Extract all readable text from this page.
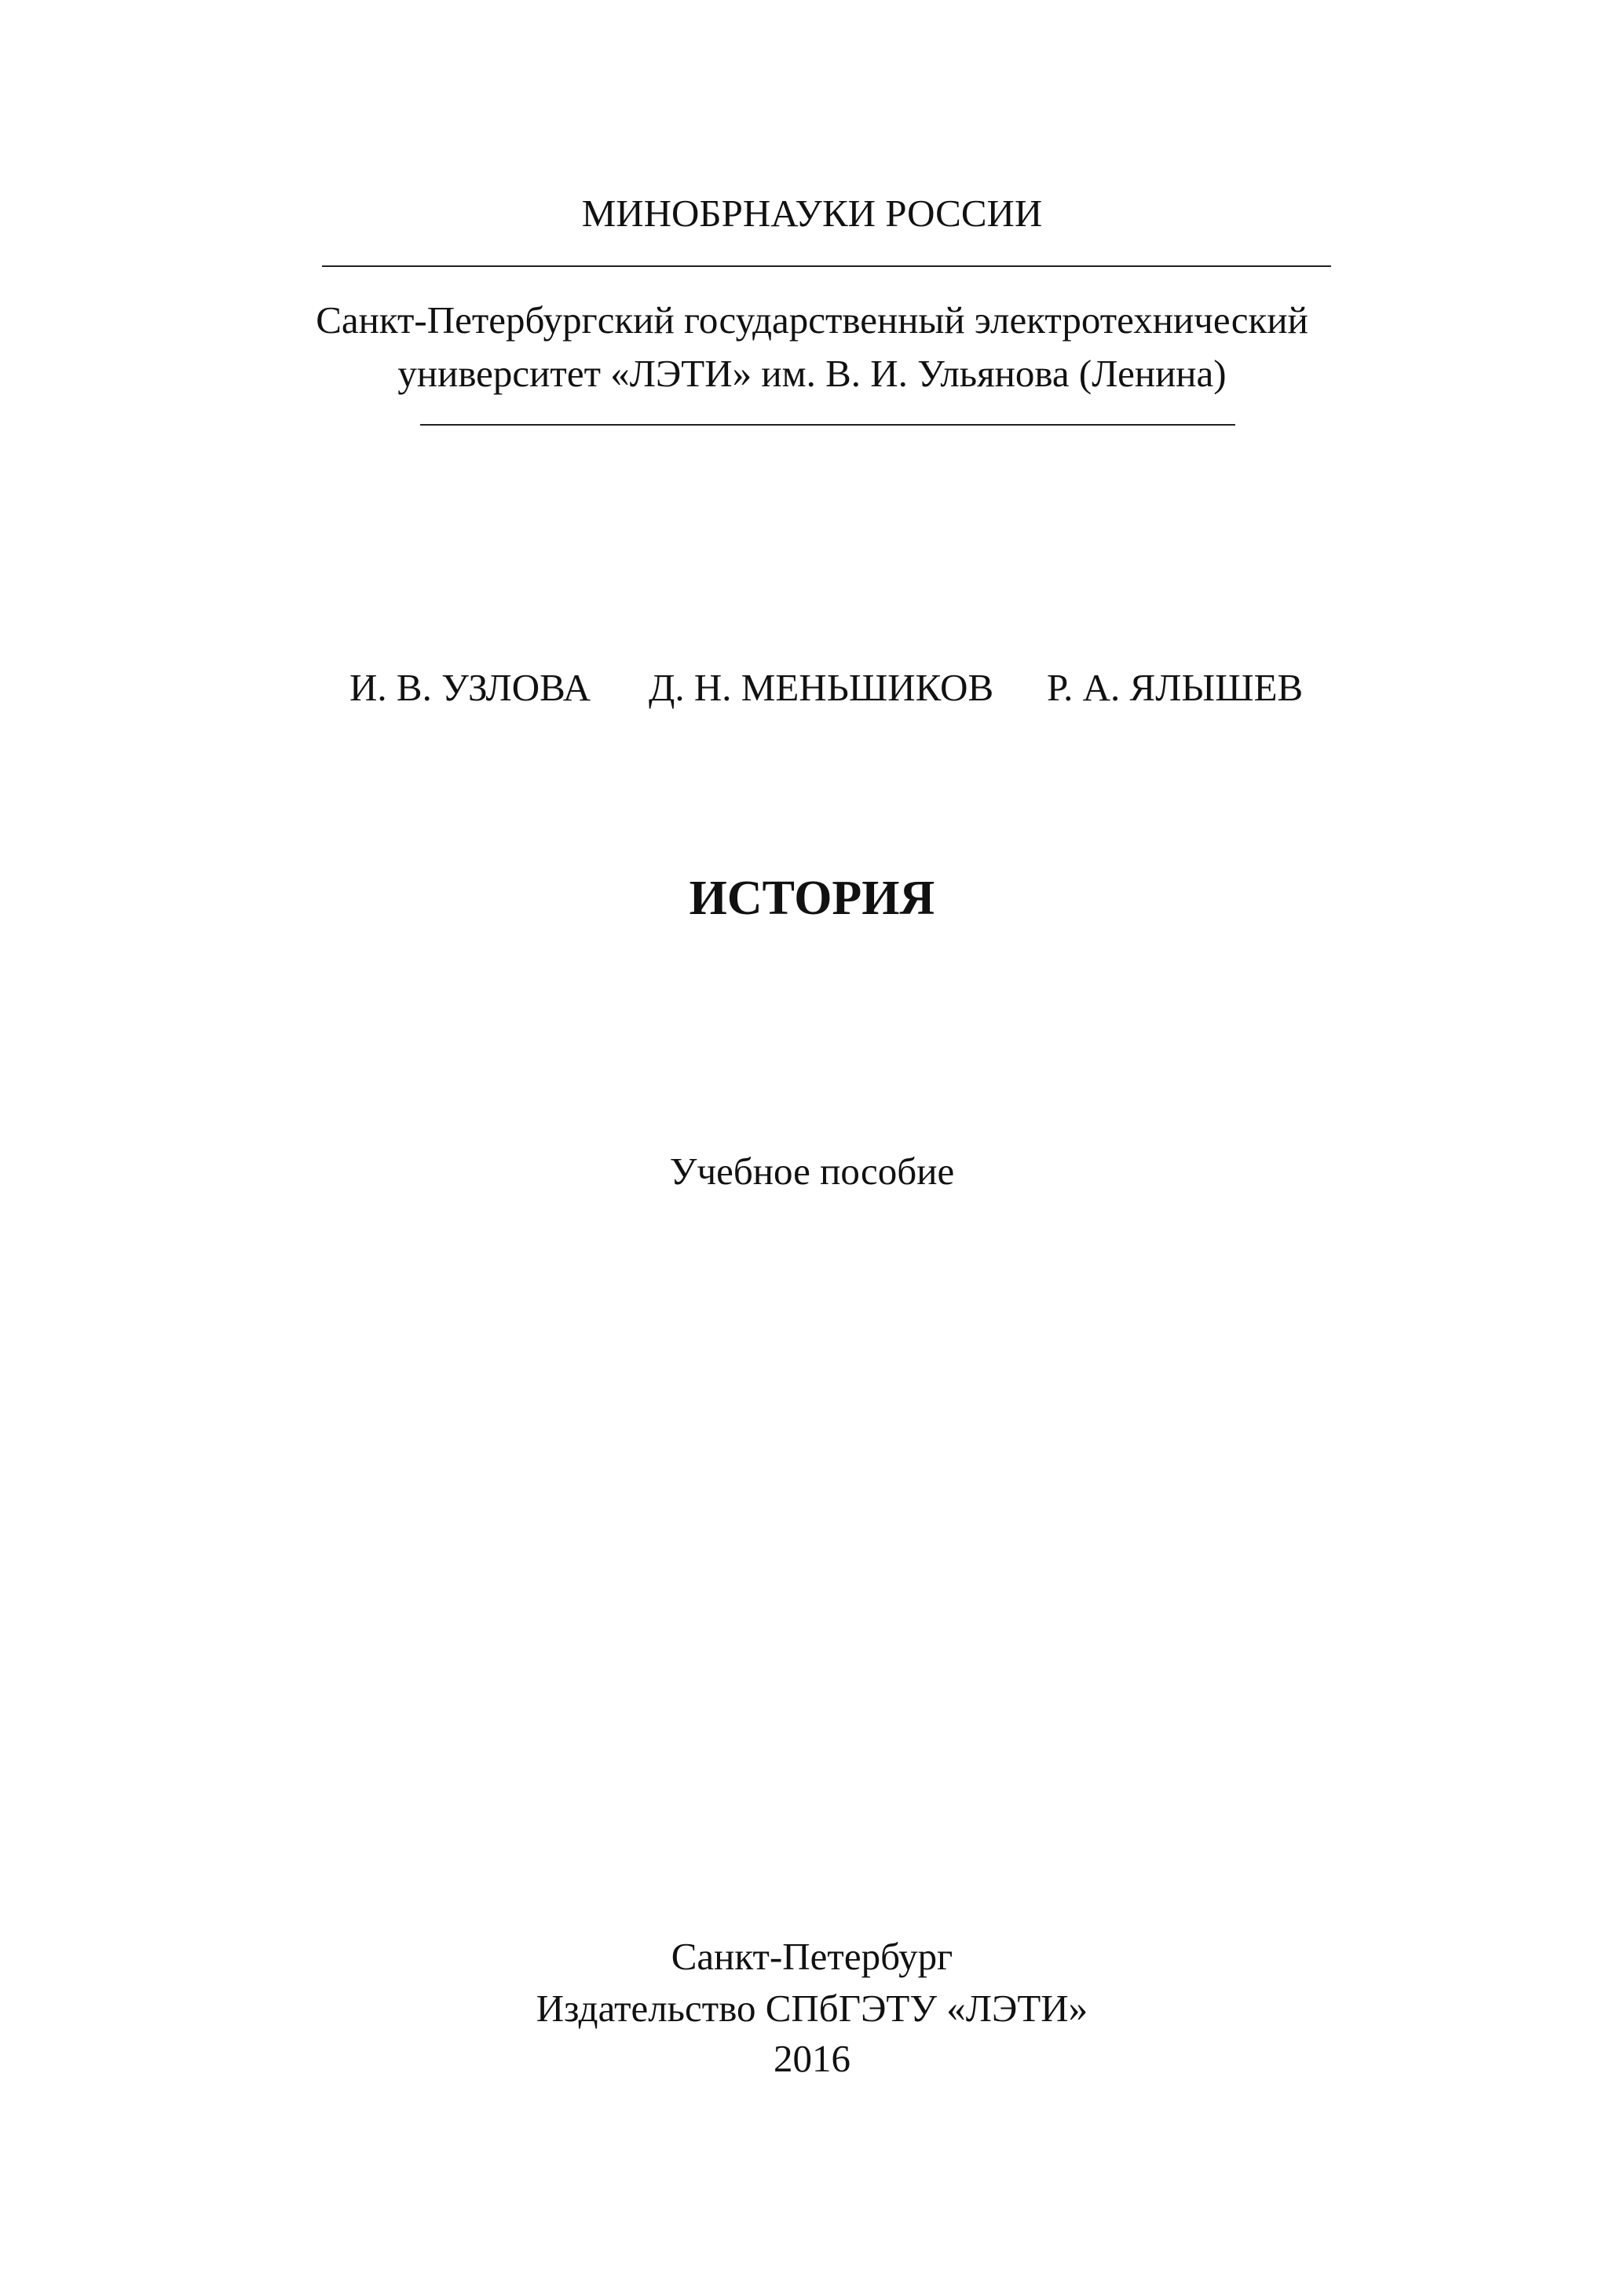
МИНОБРНАУКИ РОССИИ
Санкт-Петербургский государственный электротехнический
университет «ЛЭТИ» им. В. И. Ульянова (Ленина)
И. В. УЗЛОВА Д. Н. МЕНЬШИКОВ Р. А. ЯЛЫШЕВ
ИСТОРИЯ
Учебное пособие
Санкт-Петербург
Издательство СПбГЭТУ «ЛЭТИ»
2016
